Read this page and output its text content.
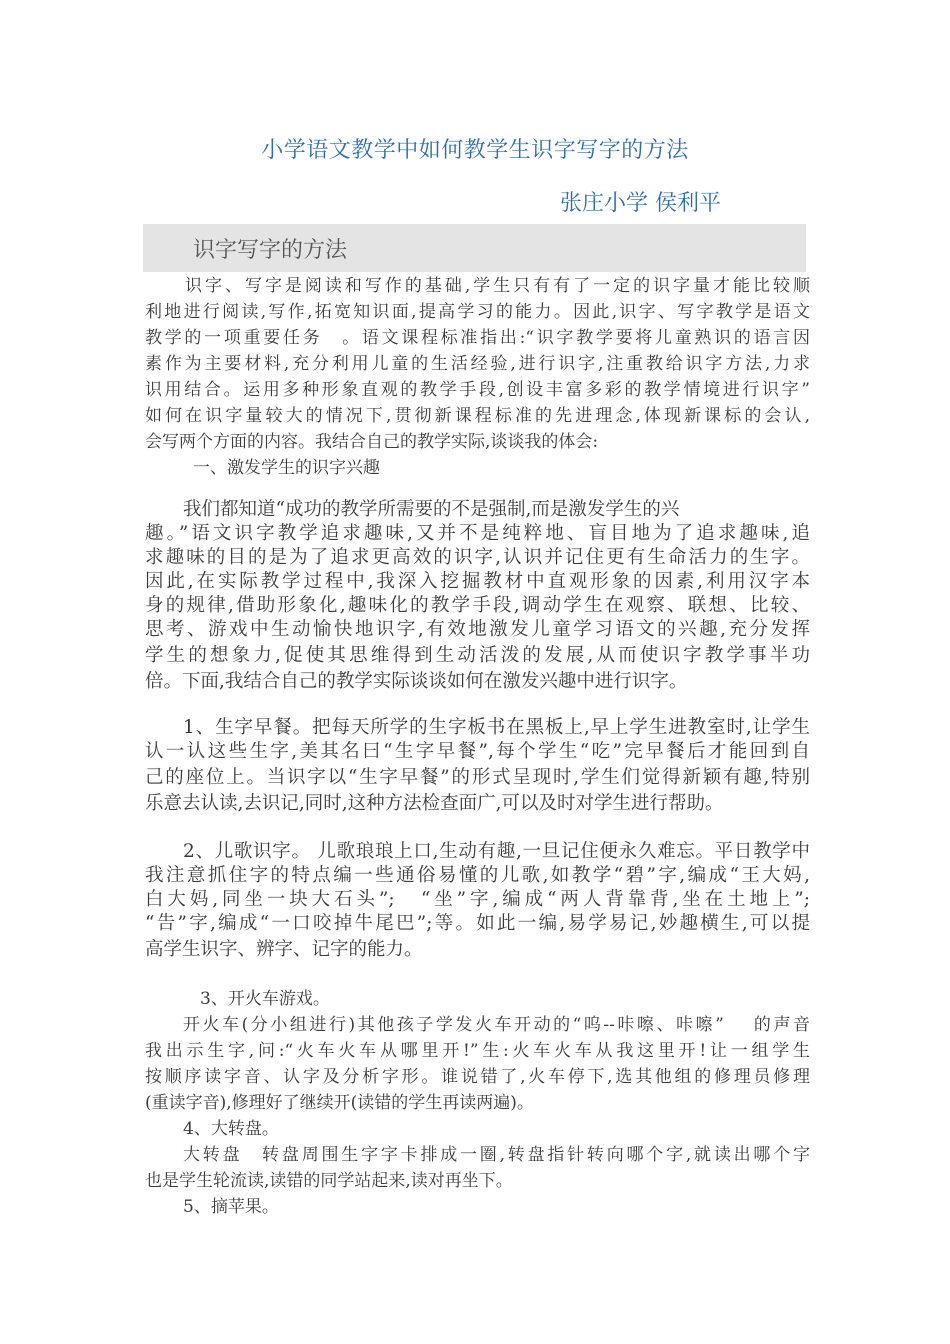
小学语文教学中如何教学生识字写字的方法
张庄小学 侯利平
识字写字的方法
识字、写字是阅读和写作的基础,学生只有有了一定的识字量才能比较顺
利地进行阅读,写作,拓宽知识面,提高学习的能力。因此,识字、写字教学是语文
教学的一项重要任务　。语文课程标准指出:“识字教学要将儿童熟识的语言因
素作为主要材料,充分利用儿童的生活经验,进行识字,注重教给识字方法,力求
识用结合。运用多种形象直观的教学手段,创设丰富多彩的教学情境进行识字”
如何在识字量较大的情况下,贯彻新课程标准的先进理念,体现新课标的会认,
会写两个方面的内容。我结合自己的教学实际,谈谈我的体会:
一、激发学生的识字兴趣
我们都知道“成功的教学所需要的不是强制,而是激发学生的兴
趣。”语文识字教学追求趣味,又并不是纯粹地、盲目地为了追求趣味,追
求趣味的目的是为了追求更高效的识字,认识并记住更有生命活力的生字。
因此,在实际教学过程中,我深入挖掘教材中直观形象的因素,利用汉字本
身的规律,借助形象化,趣味化的教学手段,调动学生在观察、联想、比较、
思考、游戏中生动愉快地识字,有效地激发儿童学习语文的兴趣,充分发挥
学生的想象力,促使其思维得到生动活泼的发展,从而使识字教学事半功
倍。下面,我结合自己的教学实际谈谈如何在激发兴趣中进行识字。
1、生字早餐。把每天所学的生字板书在黑板上,早上学生进教室时,让学生
认一认这些生字,美其名曰“生字早餐”,每个学生“吃”完早餐后才能回到自
己的座位上。当识字以“生字早餐”的形式呈现时,学生们觉得新颖有趣,特别
乐意去认读,去识记,同时,这种方法检查面广,可以及时对学生进行帮助。
2、儿歌识字。 儿歌琅琅上口,生动有趣,一旦记住便永久难忘。平日教学中
我注意抓住字的特点编一些通俗易懂的儿歌,如教学“碧”字,编成“王大妈,
白大妈,同坐一块大石头”;　“坐”字,编成“两人背靠背,坐在土地上”;
“告”字,编成“一口咬掉牛尾巴”;等。如此一编,易学易记,妙趣横生,可以提
高学生识字、辨字、记字的能力。
3、开火车游戏。
开火车(分小组进行)其他孩子学发火车开动的“呜--咔嚓、咔嚓”　 的声音
我出示生字,问:“火车火车从哪里开!”生:火车火车从我这里开!让一组学生
按顺序读字音、认字及分析字形。谁说错了,火车停下,选其他组的修理员修理
(重读字音),修理好了继续开(读错的学生再读两遍)。
4、大转盘。
大转盘　转盘周围生字字卡排成一圈,转盘指针转向哪个字,就读出哪个字
也是学生轮流读,读错的同学站起来,读对再坐下。
5、摘苹果。
